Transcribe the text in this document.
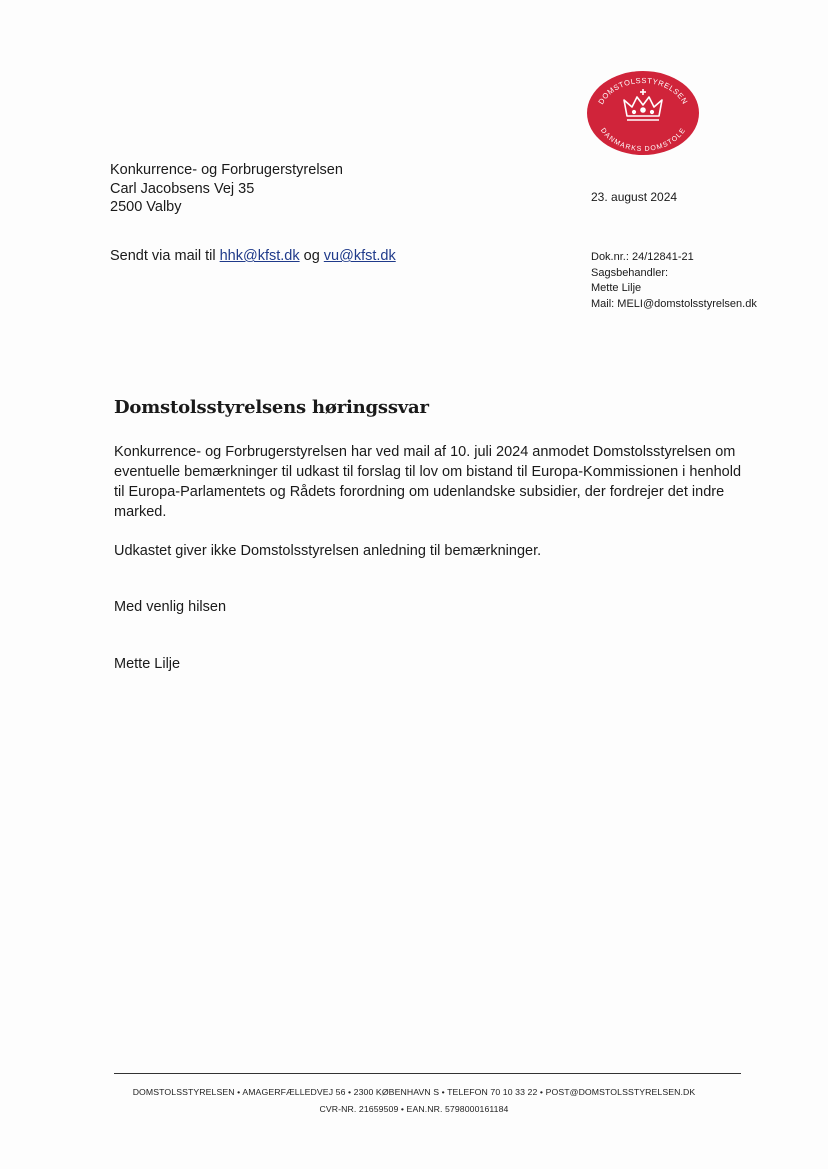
DOMSTOLSSTYRELSEN
DANMARKS DOMSTOLE
Konkurrence- og Forbrugerstyrelsen
Carl Jacobsens Vej 35
2500 Valby
23. august 2024
Sendt via mail til hhk@kfst.dk og vu@kfst.dk	Dok.nr.: 24/12841-21
Sagsbehandler:
Mette Lilje
Mail: MELI@domstolsstyrelsen.dk
Domstolsstyrelsens høringssvar
Konkurrence- og Forbrugerstyrelsen har ved mail af 10. juli 2024 anmodet Domstolsstyrelsen om eventuelle bemærkninger til udkast til forslag til lov om bistand til Europa-Kommissionen i henhold til Europa-Parlamentets og Rådets forordning om udenlandske subsidier, der fordrejer det indre marked.
Udkastet giver ikke Domstolsstyrelsen anledning til bemærkninger.
Med venlig hilsen
Mette Lilje
DOMSTOLSSTYRELSEN • AMAGERFÆLLEDVEJ 56 • 2300 KØBENHAVN S • TELEFON 70 10 33 22 • POST@DOMSTOLSSTYRELSEN.DK
CVR-NR. 21659509 • EAN.NR. 5798000161184
